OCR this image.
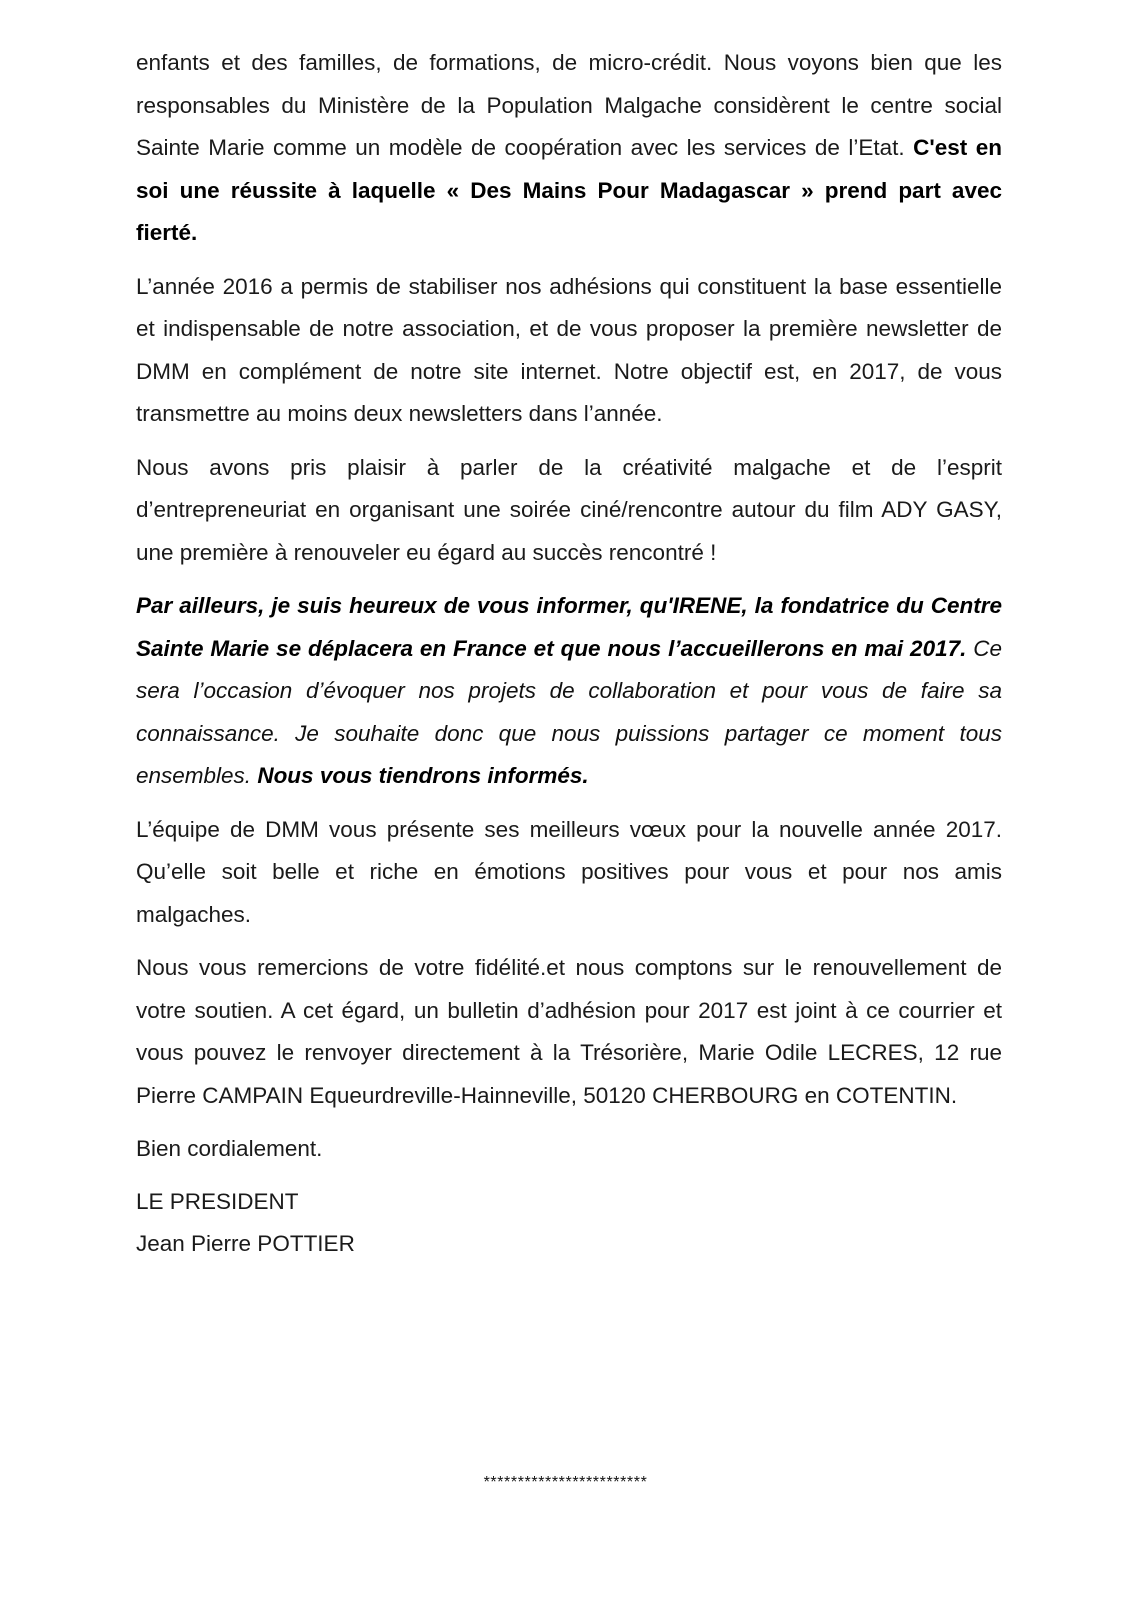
enfants et des familles, de formations, de micro-crédit. Nous voyons bien que les responsables du Ministère de la Population Malgache considèrent le centre social Sainte Marie comme un modèle de coopération avec les services de l’Etat. C'est en soi une réussite à laquelle « Des Mains Pour Madagascar » prend part avec fierté.

L’année 2016 a permis de stabiliser nos adhésions qui constituent la base essentielle et indispensable de notre association, et de vous proposer la première newsletter de DMM en complément de notre site internet. Notre objectif est, en 2017, de vous transmettre au moins deux newsletters dans l’année.

Nous avons pris plaisir à parler de la créativité malgache et de l’esprit d’entrepreneuriat en organisant une soirée ciné/rencontre autour du film ADY GASY, une première à renouveler eu égard au succès rencontré !

Par ailleurs, je suis heureux de vous informer, qu'IRENE, la fondatrice du Centre Sainte Marie se déplacera en France et que nous l’accueillerons en mai 2017. Ce sera l’occasion d’évoquer nos projets de collaboration et pour vous de faire sa connaissance. Je souhaite donc que nous puissions partager ce moment tous ensembles. Nous vous tiendrons informés.

L’équipe de DMM vous présente ses meilleurs vœux pour la nouvelle année 2017. Qu’elle soit belle et riche en émotions positives pour vous et pour nos amis malgaches.

Nous vous remercions de votre fidélité.et nous comptons sur le renouvellement de votre soutien. A cet égard, un bulletin d’adhésion pour 2017 est joint à ce courrier et vous pouvez le renvoyer directement à la Trésorière, Marie Odile LECRES, 12 rue Pierre CAMPAIN Equeurdreville-Hainneville, 50120 CHERBOURG en COTENTIN.

Bien cordialement.

LE PRESIDENT
Jean Pierre POTTIER
************************
